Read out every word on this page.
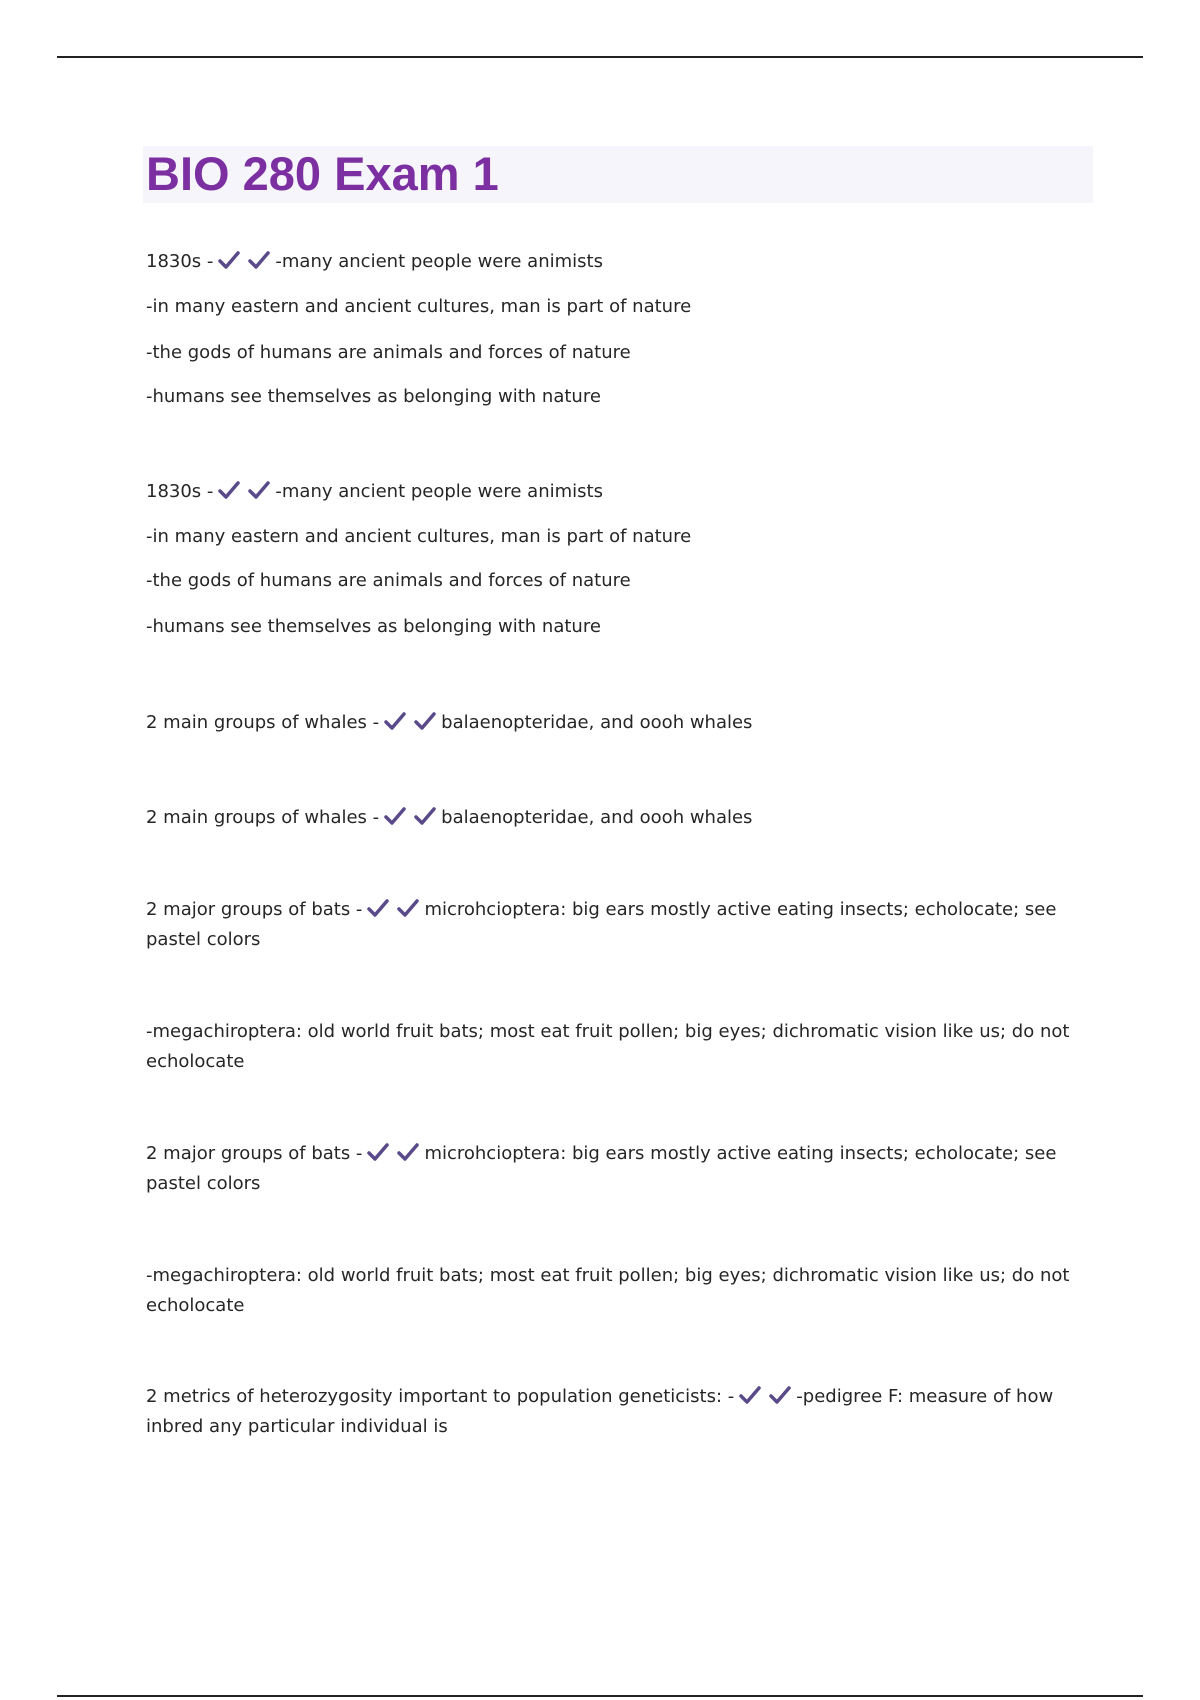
BIO 280 Exam 1
1830s -	-many ancient people were animists
-in many eastern and ancient cultures, man is part of nature
-the gods of humans are animals and forces of nature
-humans see themselves as belonging with nature
1830s -	-many ancient people were animists
-in many eastern and ancient cultures, man is part of nature
-the gods of humans are animals and forces of nature
-humans see themselves as belonging with nature
2 main groups of whales -	balaenopteridae, and oooh whales
2 main groups of whales -	balaenopteridae, and oooh whales
2 major groups of bats -	microhcioptera: big ears mostly active eating insects; echolocate; see pastel colors
-megachiroptera: old world fruit bats; most eat fruit pollen; big eyes; dichromatic vision like us; do not echolocate
2 major groups of bats -	microhcioptera: big ears mostly active eating insects; echolocate; see pastel colors
-megachiroptera: old world fruit bats; most eat fruit pollen; big eyes; dichromatic vision like us; do not echolocate
2 metrics of heterozygosity important to population geneticists: -	-pedigree F: measure of how inbred any particular individual is
